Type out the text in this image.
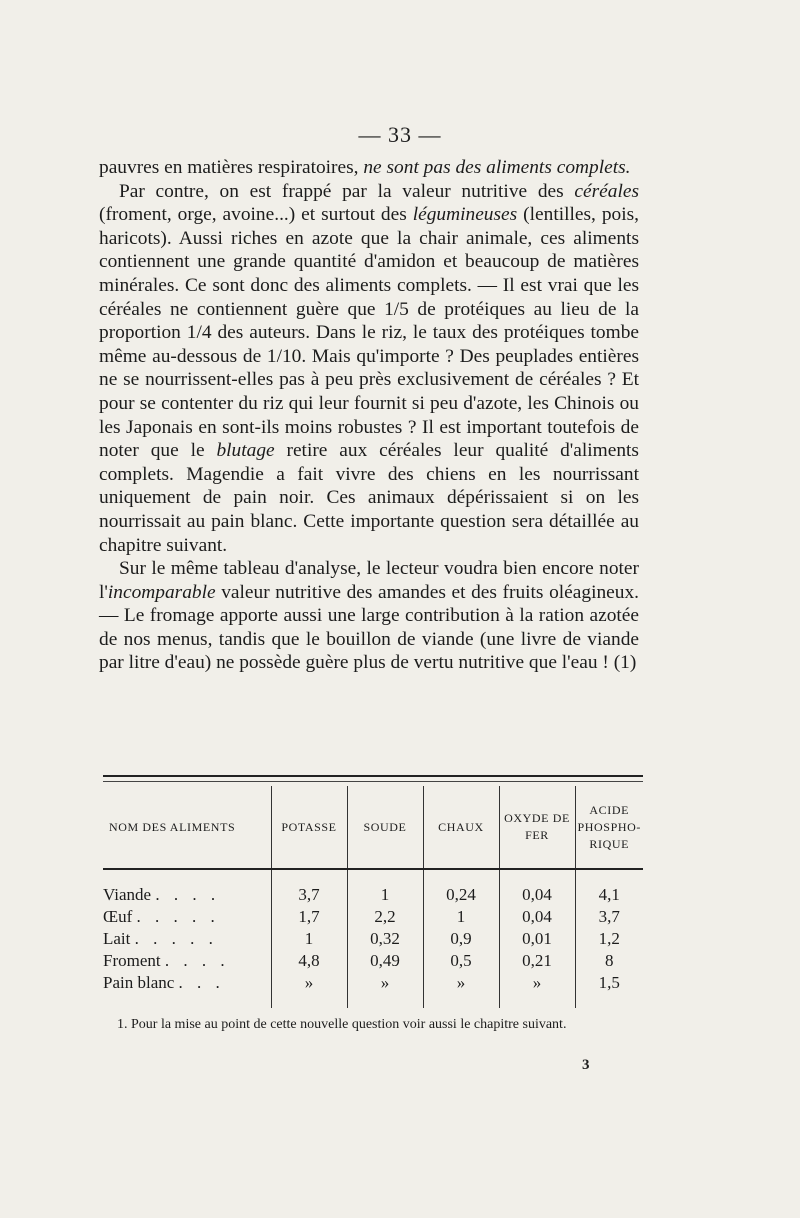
— 33 —

pauvres en matières respiratoires, ne sont pas des aliments complets.

Par contre, on est frappé par la valeur nutritive des céréales (froment, orge, avoine...) et surtout des légumineuses (lentilles, pois, haricots). Aussi riches en azote que la chair animale, ces aliments contiennent une grande quantité d'amidon et beaucoup de matières minérales. Ce sont donc des aliments complets. — Il est vrai que les céréales ne contiennent guère que 1/5 de protéiques au lieu de la proportion 1/4 des auteurs. Dans le riz, le taux des protéiques tombe même au-dessous de 1/10. Mais qu'importe ? Des peuplades entières ne se nourrissent-elles pas à peu près exclusivement de céréales ? Et pour se contenter du riz qui leur fournit si peu d'azote, les Chinois ou les Japonais en sont-ils moins robustes ? Il est important toutefois de noter que le blutage retire aux céréales leur qualité d'aliments complets. Magendie a fait vivre des chiens en les nourrissant uniquement de pain noir. Ces animaux dépérissaient si on les nourrissait au pain blanc. Cette importante question sera détaillée au chapitre suivant.

Sur le même tableau d'analyse, le lecteur voudra bien encore noter l'incomparable valeur nutritive des amandes et des fruits oléagineux. — Le fromage apporte aussi une large contribution à la ration azotée de nos menus, tandis que le bouillon de viande (une livre de viande par litre d'eau) ne possède guère plus de vertu nutritive que l'eau ! (1)

NOM DES ALIMENTS	POTASSE	SOUDE	CHAUX	OXYDE DE FER	ACIDE PHOSPHO-RIQUE
Viande . . . .	3,7	1	0,24	0,04	4,1
Œuf . . . . .	1,7	2,2	1	0,04	3,7
Lait . . . . .	1	0,32	0,9	0,01	1,2
Froment . . . .	4,8	0,49	0,5	0,21	8
Pain blanc . . .	»	»	»	»	1,5
1. Pour la mise au point de cette nouvelle question voir aussi le chapitre suivant.
3
